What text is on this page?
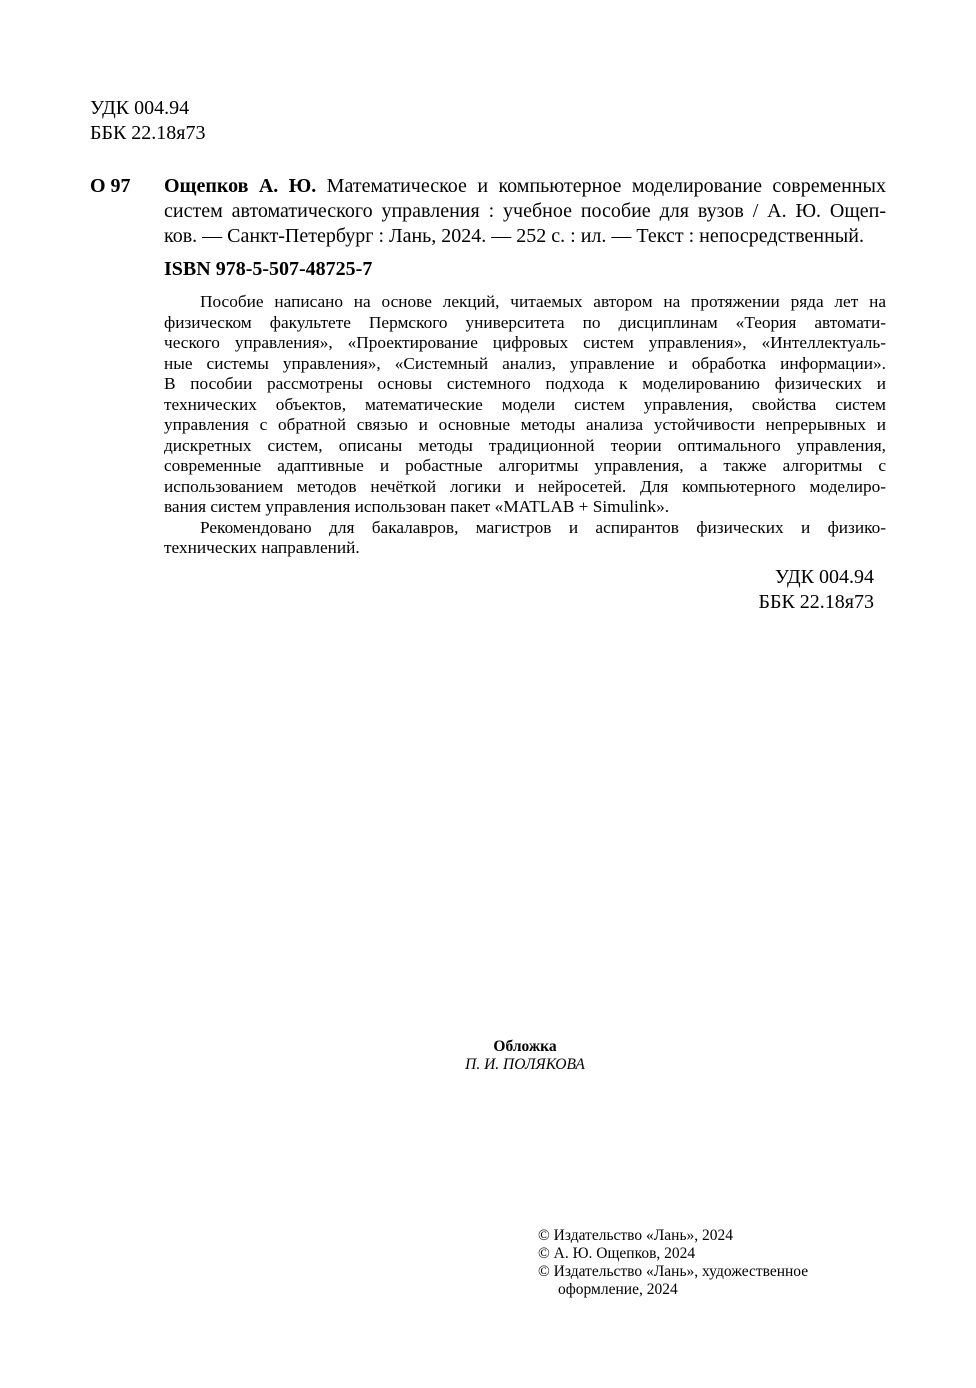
УДК 004.94
ББК 22.18я73
О 97 Ощепков А. Ю. Математическое и компьютерное моделирование современных
систем автоматического управления : учебное пособие для вузов / А. Ю. Ощеп-
ков. — Санкт-Петербург : Лань, 2024. — 252 с. : ил. — Текст : непосредственный.
ISBN 978-5-507-48725-7
Пособие написано на основе лекций, читаемых автором на протяжении ряда лет на
физическом факультете Пермского университета по дисциплинам «Теория автомати-
ческого управления», «Проектирование цифровых систем управления», «Интеллектуаль-
ные системы управления», «Системный анализ, управление и обработка информации».
В пособии рассмотрены основы системного подхода к моделированию физических и
технических объектов, математические модели систем управления, свойства систем
управления с обратной связью и основные методы анализа устойчивости непрерывных и
дискретных систем, описаны методы традиционной теории оптимального управления,
современные адаптивные и робастные алгоритмы управления, а также алгоритмы с
использованием методов нечёткой логики и нейросетей. Для компьютерного моделиро-
вания систем управления использован пакет «MATLAB + Simulink».
Рекомендовано для бакалавров, магистров и аспирантов физических и физико-
технических направлений.
УДК 004.94
ББК 22.18я73
Обложка
П. И. ПОЛЯКОВА
© Издательство «Лань», 2024
© А. Ю. Ощепков, 2024
© Издательство «Лань», художественное
оформление, 2024
